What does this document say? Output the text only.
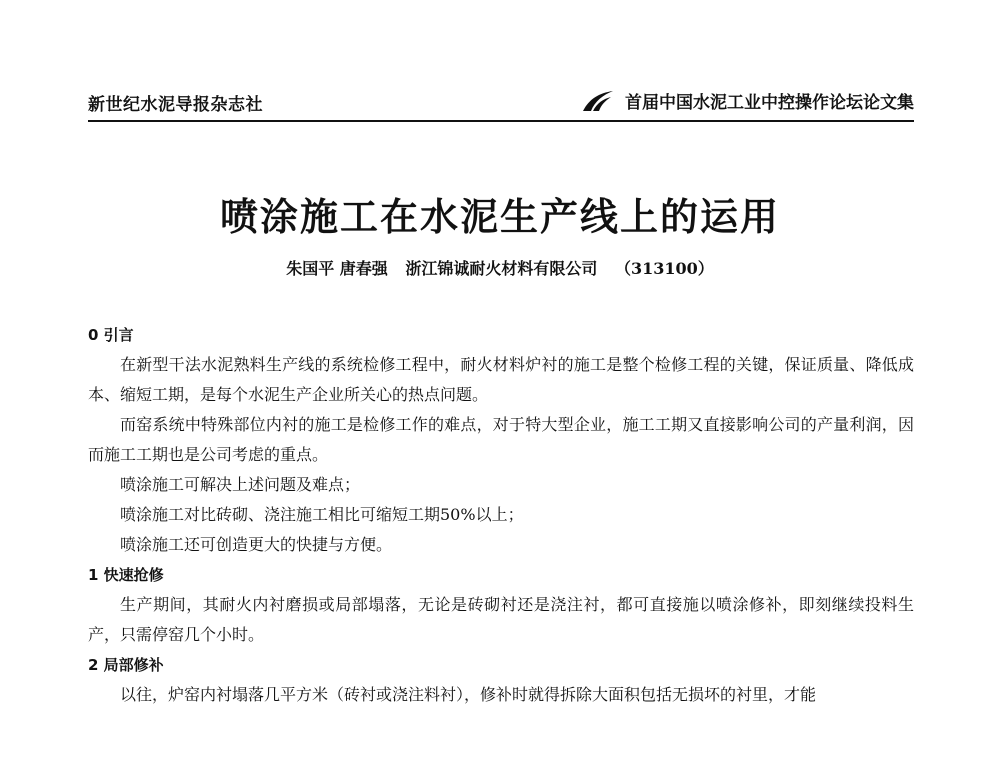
新世纪水泥导报杂志社	首届中国水泥工业中控操作论坛论文集
喷涂施工在水泥生产线上的运用
朱国平 唐春强 浙江锦诚耐火材料有限公司 （313100）

0 引言

在新型干法水泥熟料生产线的系统检修工程中，耐火材料炉衬的施工是整个检修工程的关键，保证质量、降低成本、缩短工期，是每个水泥生产企业所关心的热点问题。

而窑系统中特殊部位内衬的施工是检修工作的难点，对于特大型企业，施工工期又直接影响公司的产量利润，因而施工工期也是公司考虑的重点。

喷涂施工可解决上述问题及难点；

喷涂施工对比砖砌、浇注施工相比可缩短工期50%以上；

喷涂施工还可创造更大的快捷与方便。

1 快速抢修

生产期间，其耐火内衬磨损或局部塌落，无论是砖砌衬还是浇注衬，都可直接施以喷涂修补，即刻继续投料生产，只需停窑几个小时。

2 局部修补

以往，炉窑内衬塌落几平方米（砖衬或浇注料衬），修补时就得拆除大面积包括无损坏的衬里，才能
